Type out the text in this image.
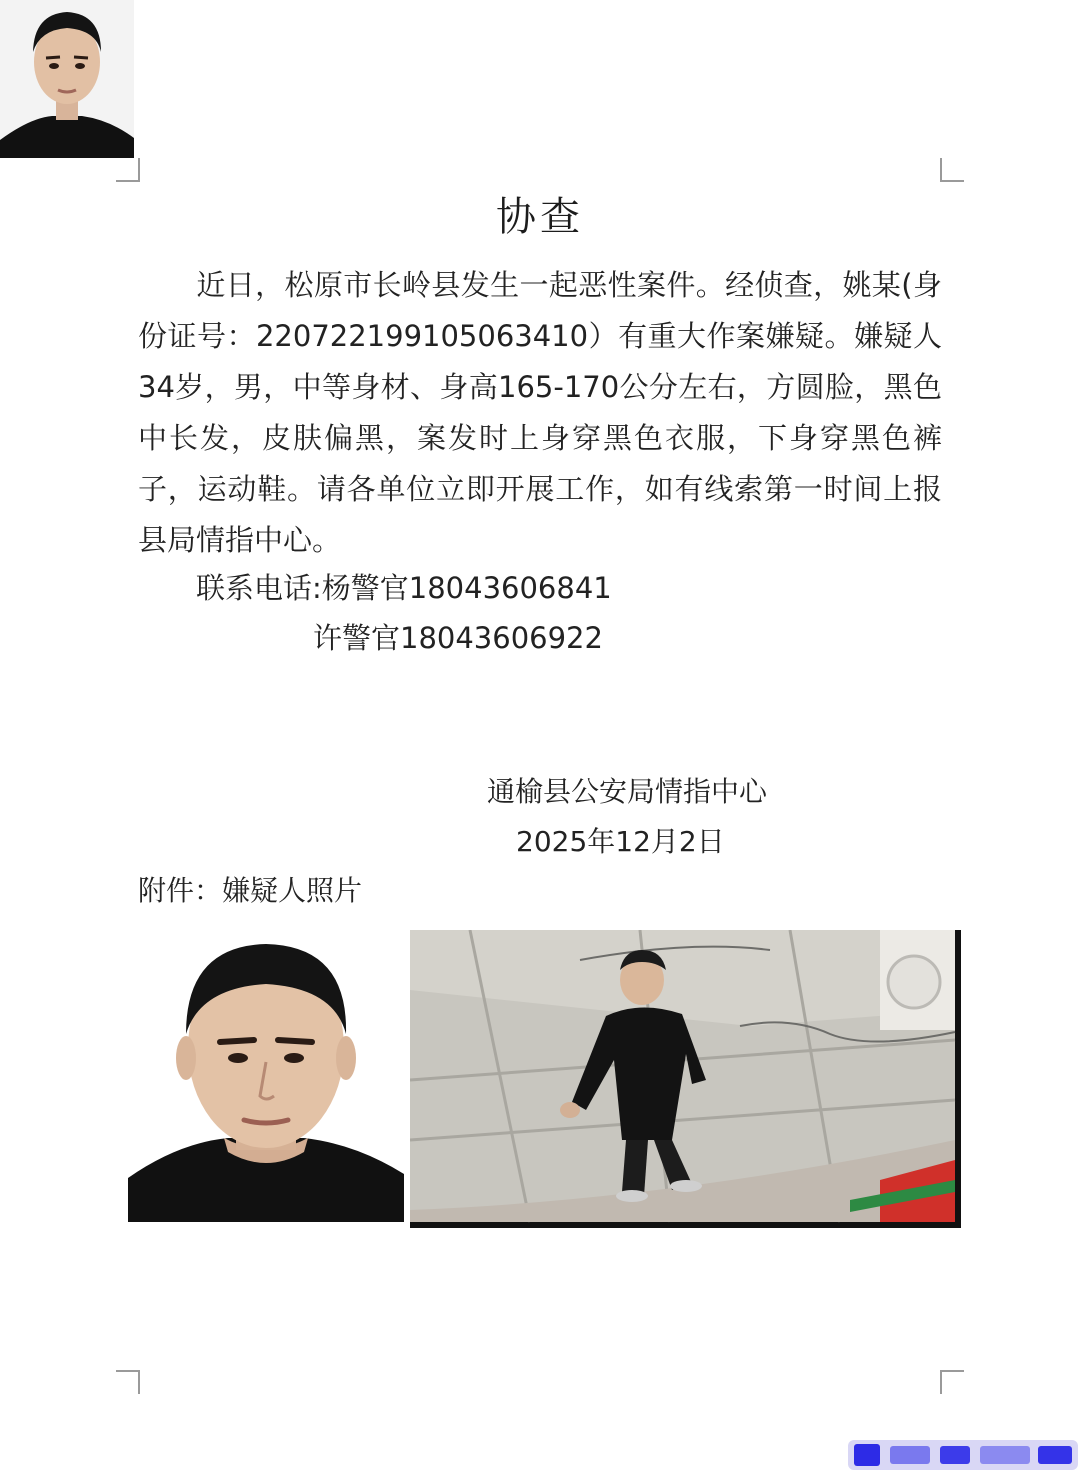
协查
近日，松原市长岭县发生一起恶性案件。经侦查，姚某(身份证号：220722199105063410）有重大作案嫌疑。嫌疑人34岁，男，中等身材、身高165-170公分左右，方圆脸，黑色中长发，皮肤偏黑，案发时上身穿黑色衣服，下身穿黑色裤子，运动鞋。请各单位立即开展工作，如有线索第一时间上报县局情指中心。
联系电话:杨警官18043606841
许警官18043606922
通榆县公安局情指中心
2025年12月2日
附件：嫌疑人照片
